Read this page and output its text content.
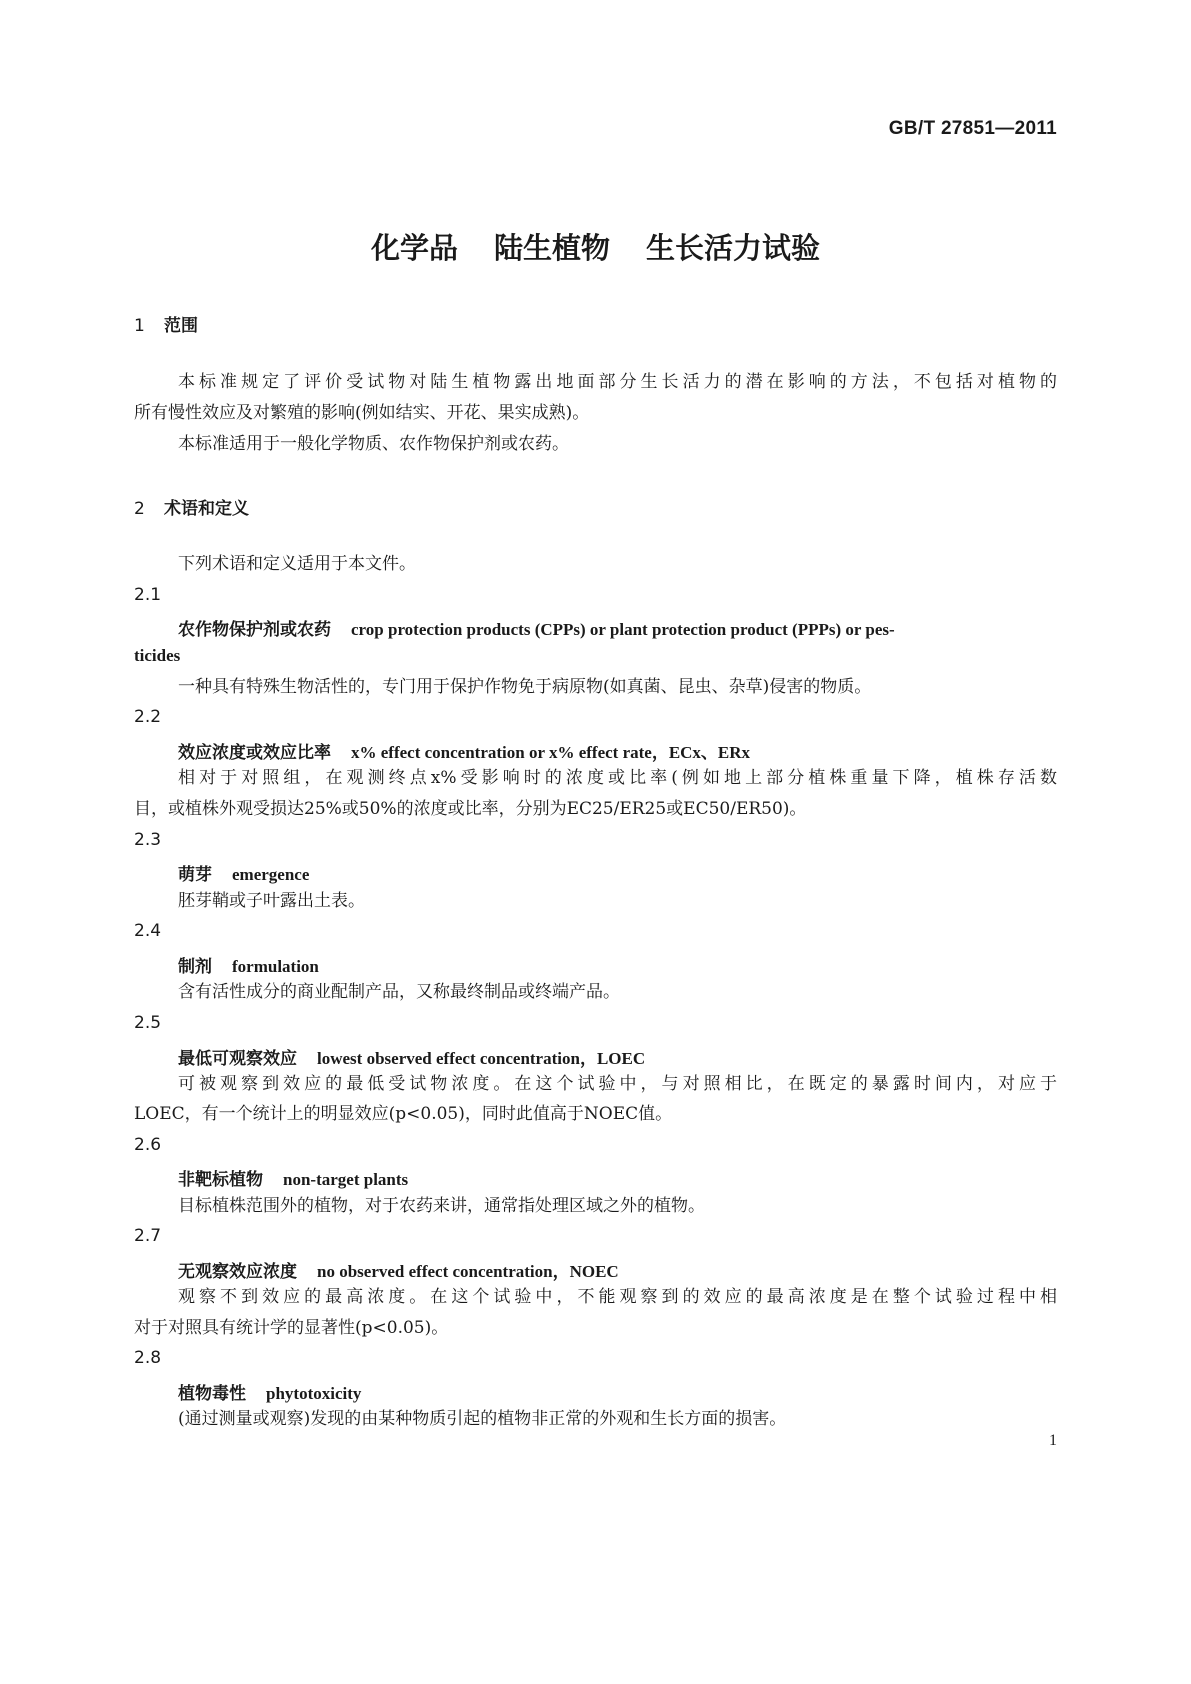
GB/T 27851—2011
化学品 陆生植物 生长活力试验
1 范围

本标准规定了评价受试物对陆生植物露出地面部分生长活力的潜在影响的方法，不包括对植物的

所有慢性效应及对繁殖的影响(例如结实、开花、果实成熟)。

本标准适用于一般化学物质、农作物保护剂或农药。

2 术语和定义

下列术语和定义适用于本文件。

2.1

农作物保护剂或农药 crop protection products (CPPs) or plant protection product (PPPs) or pes-

ticides

一种具有特殊生物活性的，专门用于保护作物免于病原物(如真菌、昆虫、杂草)侵害的物质。

2.2

效应浓度或效应比率 x% effect concentration or x% effect rate，ECx、ERx

相对于对照组，在观测终点x%受影响时的浓度或比率(例如地上部分植株重量下降，植株存活数

目，或植株外观受损达25%或50%的浓度或比率，分别为EC25/ER25或EC50/ER50)。

2.3

萌芽 emergence

胚芽鞘或子叶露出土表。

2.4

制剂 formulation

含有活性成分的商业配制产品，又称最终制品或终端产品。

2.5

最低可观察效应 lowest observed effect concentration，LOEC

可被观察到效应的最低受试物浓度。在这个试验中，与对照相比，在既定的暴露时间内，对应于

LOEC，有一个统计上的明显效应(p<0.05)，同时此值高于NOEC值。

2.6

非靶标植物 non-target plants

目标植株范围外的植物，对于农药来讲，通常指处理区域之外的植物。

2.7

无观察效应浓度 no observed effect concentration，NOEC

观察不到效应的最高浓度。在这个试验中，不能观察到的效应的最高浓度是在整个试验过程中相

对于对照具有统计学的显著性(p<0.05)。

2.8

植物毒性 phytotoxicity

(通过测量或观察)发现的由某种物质引起的植物非正常的外观和生长方面的损害。

1
